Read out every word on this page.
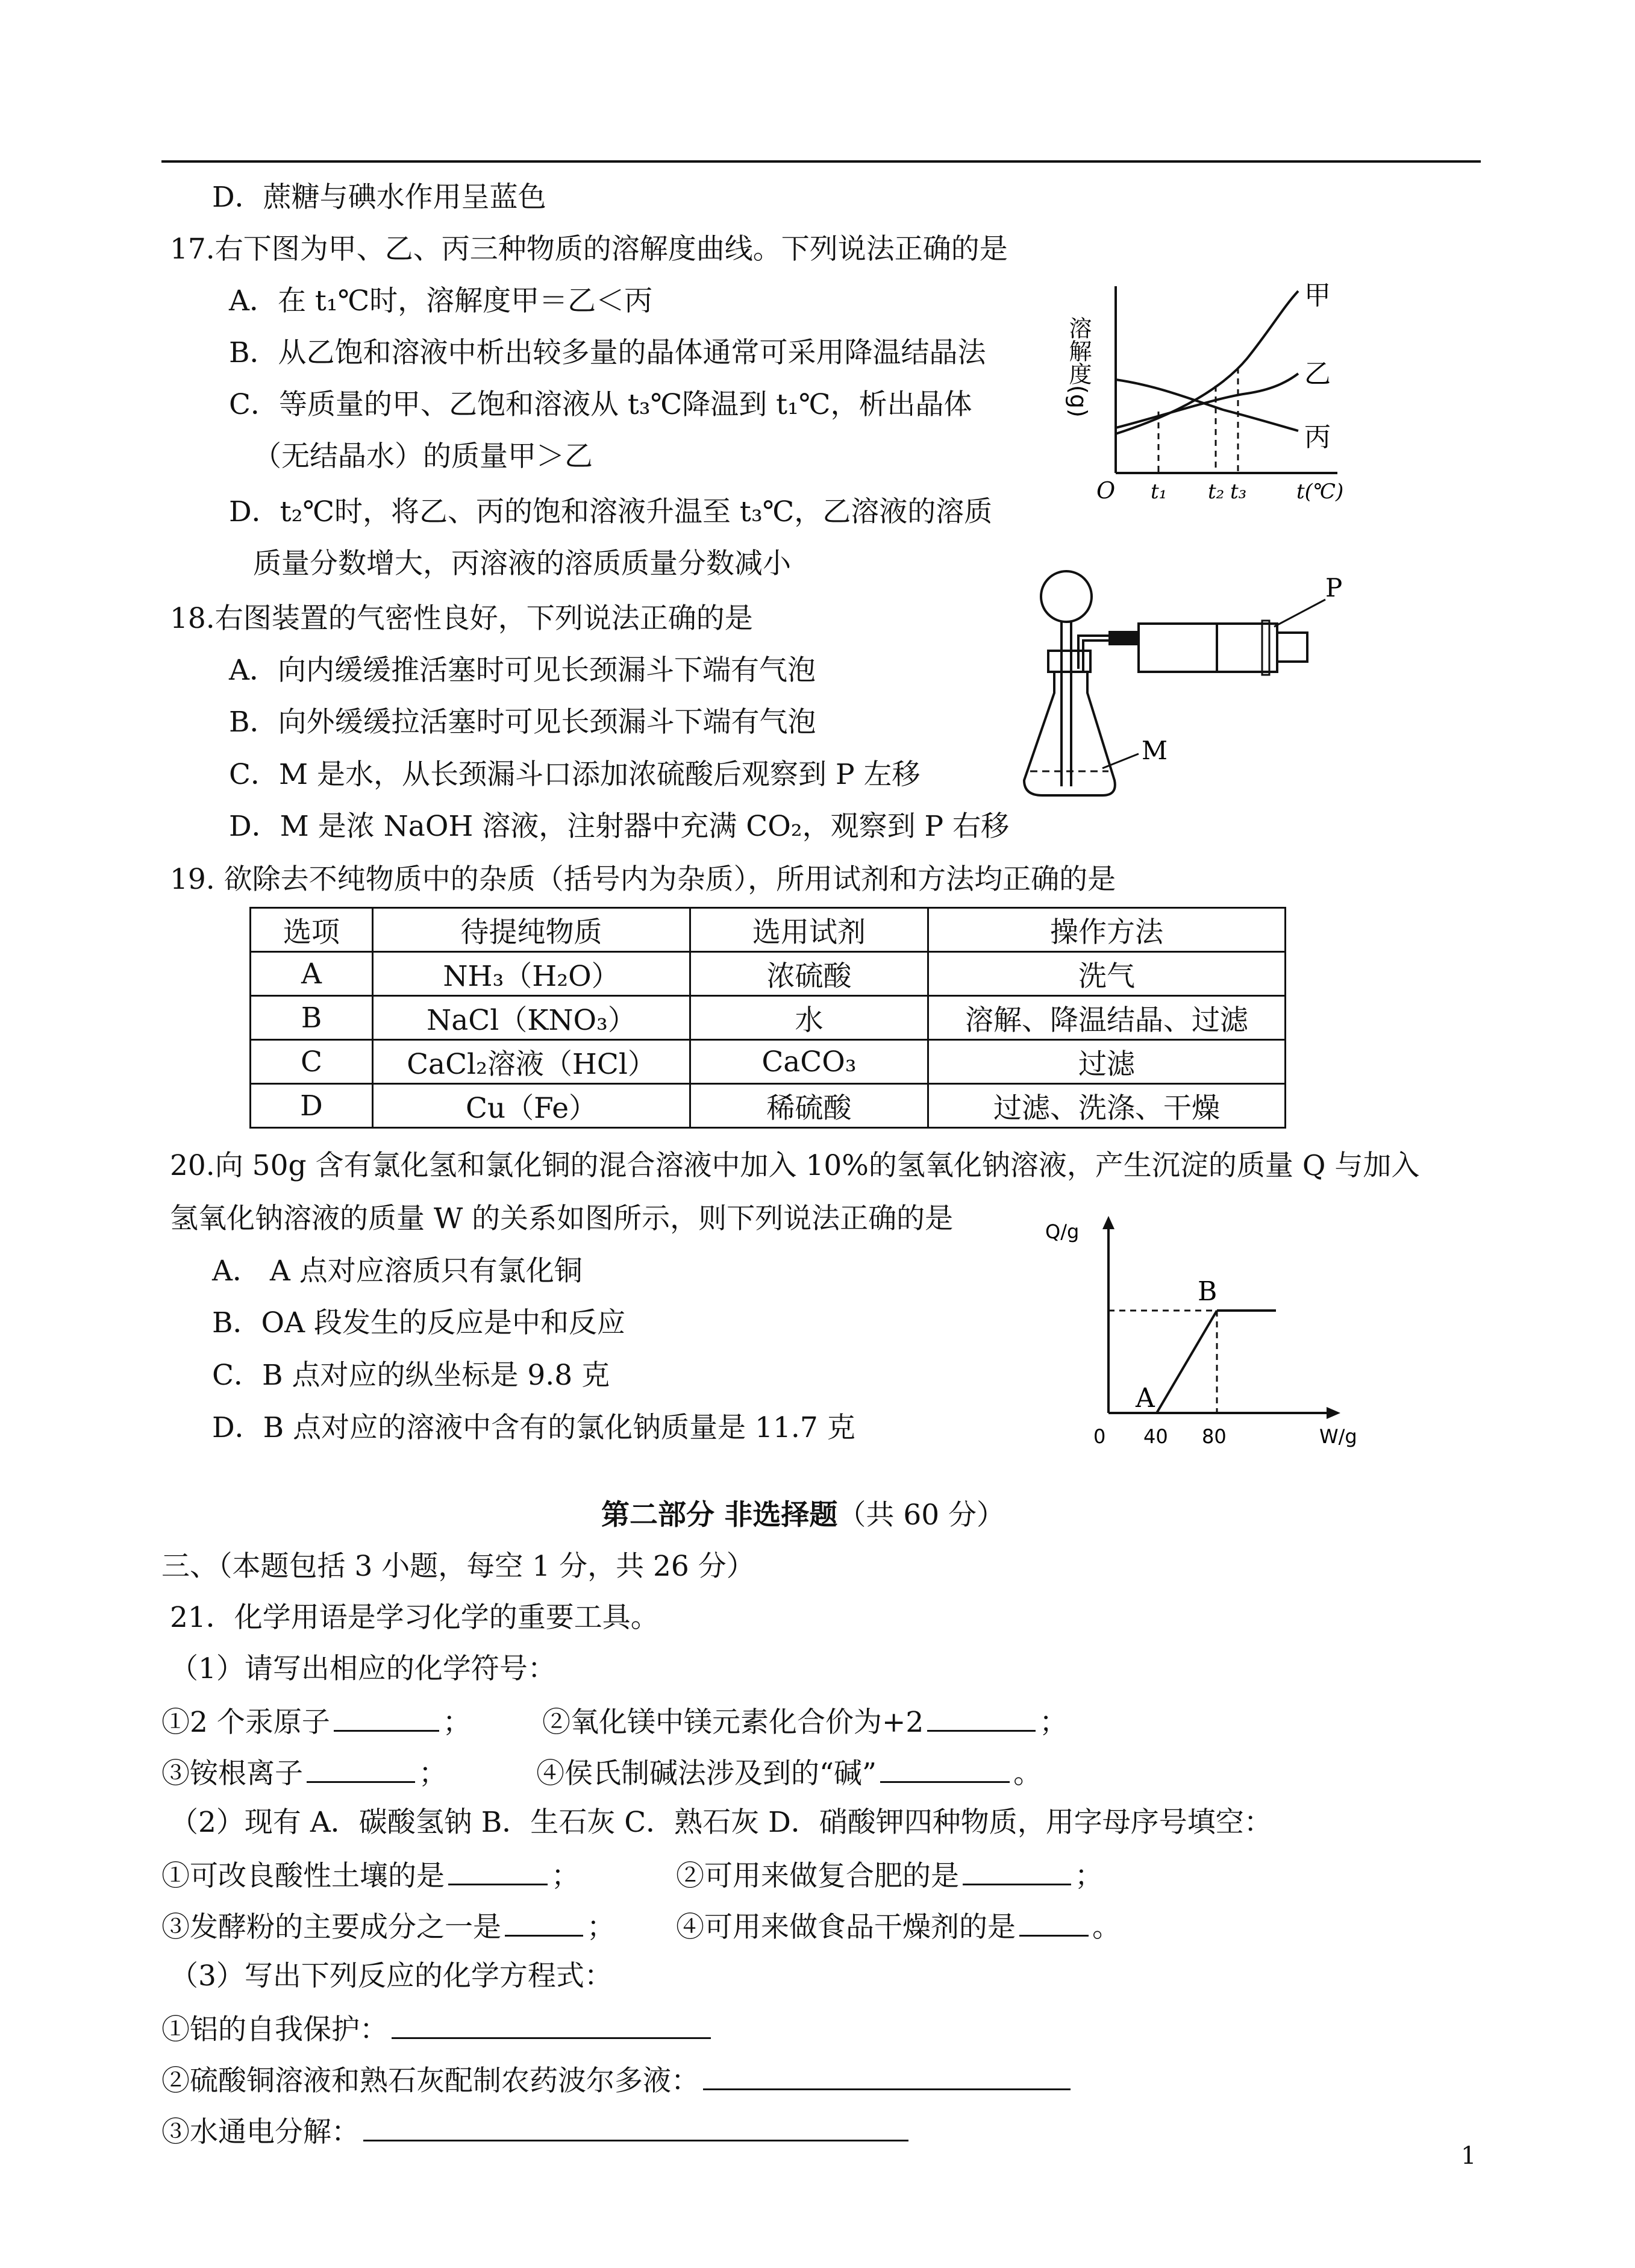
D．蔗糖与碘水作用呈蓝色
17.右下图为甲、乙、丙三种物质的溶解度曲线。下列说法正确的是
A．在 t₁℃时，溶解度甲＝乙＜丙
B．从乙饱和溶液中析出较多量的晶体通常可采用降温结晶法
C．等质量的甲、乙饱和溶液从 t₃℃降温到 t₁℃，析出晶体
（无结晶水）的质量甲＞乙
D．t₂℃时，将乙、丙的饱和溶液升温至 t₃℃，乙溶液的溶质
质量分数增大，丙溶液的溶质质量分数减小
溶解度(g)
O t₁ t₂ t₃ t(℃)
甲
乙
丙
18.右图装置的气密性良好，下列说法正确的是
A．向内缓缓推活塞时可见长颈漏斗下端有气泡
B．向外缓缓拉活塞时可见长颈漏斗下端有气泡
C．M 是水，从长颈漏斗口添加浓硫酸后观察到 P 左移
D．M 是浓 NaOH 溶液，注射器中充满 CO₂，观察到 P 右移
P
M
19. 欲除去不纯物质中的杂质（括号内为杂质），所用试剂和方法均正确的是
选项	待提纯物质	选用试剂	操作方法
A	NH₃（H₂O）	浓硫酸	洗气
B	NaCl（KNO₃）	水	溶解、降温结晶、过滤
C	CaCl₂溶液（HCl）	CaCO₃	过滤
D	Cu（Fe）	稀硫酸	过滤、洗涤、干燥
20.向 50g 含有氯化氢和氯化铜的混合溶液中加入 10%的氢氧化钠溶液，产生沉淀的质量 Q 与加入
氢氧化钠溶液的质量 W 的关系如图所示，则下列说法正确的是
A． A 点对应溶质只有氯化铜
B．OA 段发生的反应是中和反应
C．B 点对应的纵坐标是 9.8 克
D．B 点对应的溶液中含有的氯化钠质量是 11.7 克
Q/g
W/g
0 40 80
A
B
第二部分 非选择题（共 60 分）
三、（本题包括 3 小题，每空 1 分，共 26 分）
21．化学用语是学习化学的重要工具。
（1）请写出相应的化学符号：
①2 个汞原子	；	②氧化镁中镁元素化合价为+2	；
③铵根离子	；	④侯氏制碱法涉及到的“碱”	。
（2）现有 A．碳酸氢钠 B．生石灰 C．熟石灰 D．硝酸钾四种物质，用字母序号填空：
①可改良酸性土壤的是	；	②可用来做复合肥的是	；
③发酵粉的主要成分之一是	； ④可用来做食品干燥剂的是	。
（3）写出下列反应的化学方程式：
①铝的自我保护：
②硫酸铜溶液和熟石灰配制农药波尔多液：
③水通电分解：
1
